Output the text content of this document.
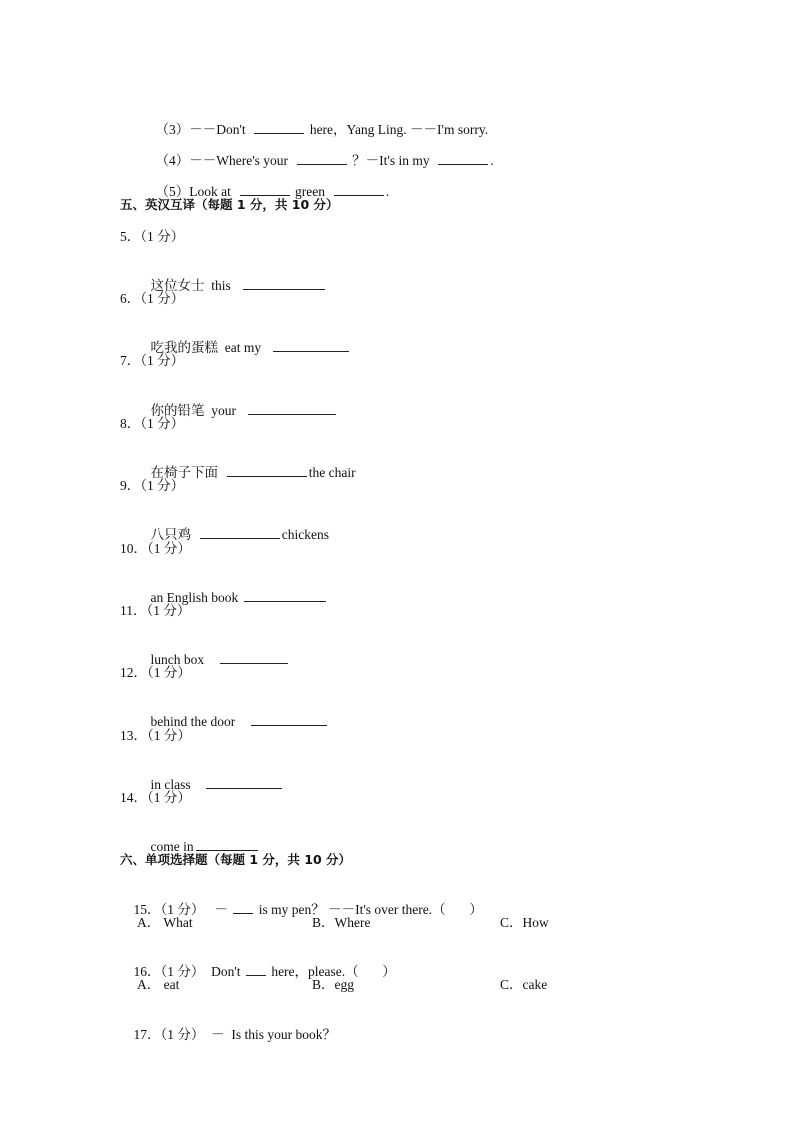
（3）－－Don't	here，Yang Ling. －－I'm sorry.

（4）－－Where's your	？－It's in my	.

（5）Look at	green	.

五、英汉互译（每题 1 分，共 10 分）
5．（1 分）

这位女士  this

6．（1 分）

吃我的蛋糕  eat my

7．（1 分）

你的铅笔  your

8．（1 分）

在椅子下面	the chair

9．（1 分）

八只鸡	chickens

10．（1 分）

an English book

11．（1 分）

lunch box

12．（1 分）

behind the door

13．（1 分）

in class

14．（1 分）

come in

六、单项选择题（每题 1 分，共 10 分）

15．（1 分） － is my pen？ －－It's over there.（       ）

A． What	B．Where	C．How

16．（1 分） Don't here，please.（       ）

A． eat	B．egg	C．cake

17．（1 分） －  Is this your book？
